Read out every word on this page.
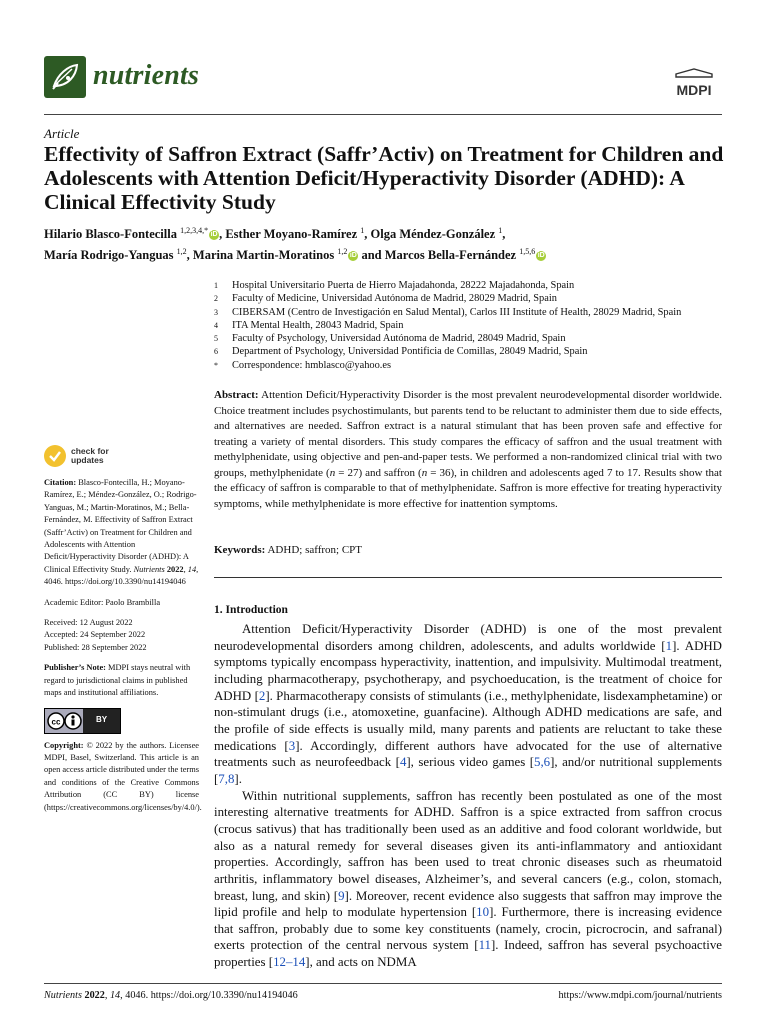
nutrients	MDPI
Article
Effectivity of Saffron Extract (Saffr’Activ) on Treatment for Children and Adolescents with Attention Deficit/Hyperactivity Disorder (ADHD): A Clinical Effectivity Study
Hilario Blasco-Fontecilla $^{1,2,3,4,*}$ iD , Esther Moyano-Ramírez $^1$, Olga Méndez-González $^1$,
María Rodrigo-Yanguas $^{1,2}$, Marina Martin-Moratinos $^{1,2}$ iD and Marcos Bella-Fernández $^{1,5,6}$ iD
1	Hospital Universitario Puerta de Hierro Majadahonda, 28222 Majadahonda, Spain
2	Faculty of Medicine, Universidad Autónoma de Madrid, 28029 Madrid, Spain
3	CIBERSAM (Centro de Investigación en Salud Mental), Carlos III Institute of Health, 28029 Madrid, Spain
4	ITA Mental Health, 28043 Madrid, Spain
5	Faculty of Psychology, Universidad Autónoma de Madrid, 28049 Madrid, Spain
6	Department of Psychology, Universidad Pontificia de Comillas, 28049 Madrid, Spain
*	Correspondence: hmblasco@yahoo.es
Abstract: Attention Deficit/Hyperactivity Disorder is the most prevalent neurodevelopmental disorder worldwide. Choice treatment includes psychostimulants, but parents tend to be reluctant to administer them due to side effects, and alternatives are needed. Saffron extract is a natural stimulant that has been proven safe and effective for treating a variety of mental disorders. This study compares the efficacy of saffron and the usual treatment with methylphenidate, using objective and pen-and-paper tests. We performed a non-randomized clinical trial with two groups, methylphenidate (n = 27) and saffron (n = 36), in children and adolescents aged 7 to 17. Results show that the efficacy of saffron is comparable to that of methylphenidate. Saffron is more effective for treating hyperactivity symptoms, while methylphenidate is more effective for inattention symptoms.
Keywords: ADHD; saffron; CPT
1. Introduction

Attention Deficit/Hyperactivity Disorder (ADHD) is one of the most prevalent neurodevelopmental disorders among children, adolescents, and adults worldwide [1]. ADHD symptoms typically encompass hyperactivity, inattention, and impulsivity. Multimodal treatment, including pharmacotherapy, psychotherapy, and psychoeducation, is the treatment of choice for ADHD [2]. Pharmacotherapy consists of stimulants (i.e., methylphenidate, lisdexamphetamine) or non-stimulant drugs (i.e., atomoxetine, guanfacine). Although ADHD medications are safe, and the profile of side effects is usually mild, many parents and patients are reluctant to take these medications [3]. Accordingly, different authors have advocated for the use of alternative treatments such as neurofeedback [4], serious video games [5,6], and/or nutritional supplements [7,8].

Within nutritional supplements, saffron has recently been postulated as one of the most interesting alternative treatments for ADHD. Saffron is a spice extracted from saffron crocus (crocus sativus) that has traditionally been used as an additive and food colorant worldwide, but also as a natural remedy for several diseases given its anti-inflammatory and antioxidant properties. Accordingly, saffron has been used to treat chronic diseases such as rheumatoid arthritis, inflammatory bowel diseases, Alzheimer’s, and several cancers (e.g., colon, stomach, breast, lung, and skin) [9]. Moreover, recent evidence also suggests that saffron may improve the lipid profile and help to modulate hypertension [10]. Furthermore, there is increasing evidence that saffron, probably due to some key constituents (namely, crocin, picrocrocin, and safranal) exerts protection of the central nervous system [11]. Indeed, saffron has several psychoactive properties [12–14], and acts on NDMA

check for
updates
Citation: Blasco-Fontecilla, H.; Moyano-Ramírez, E.; Méndez-González, O.; Rodrigo-Yanguas, M.; Martin-Moratinos, M.; Bella-Fernández, M. Effectivity of Saffron Extract (Saffr’Activ) on Treatment for Children and Adolescents with Attention Deficit/Hyperactivity Disorder (ADHD): A Clinical Effectivity Study. Nutrients 2022, 14, 4046. https://doi.org/10.3390/nu14194046
Academic Editor: Paolo Brambilla
Received: 12 August 2022
Accepted: 24 September 2022
Published: 28 September 2022
Publisher’s Note: MDPI stays neutral with regard to jurisdictional claims in published maps and institutional affiliations.
cc	BY
Copyright: © 2022 by the authors. Licensee MDPI, Basel, Switzerland. This article is an open access article distributed under the terms and conditions of the Creative Commons Attribution (CC BY) license (https://creativecommons.org/licenses/by/4.0/).
Nutrients 2022, 14, 4046. https://doi.org/10.3390/nu14194046	https://www.mdpi.com/journal/nutrients
